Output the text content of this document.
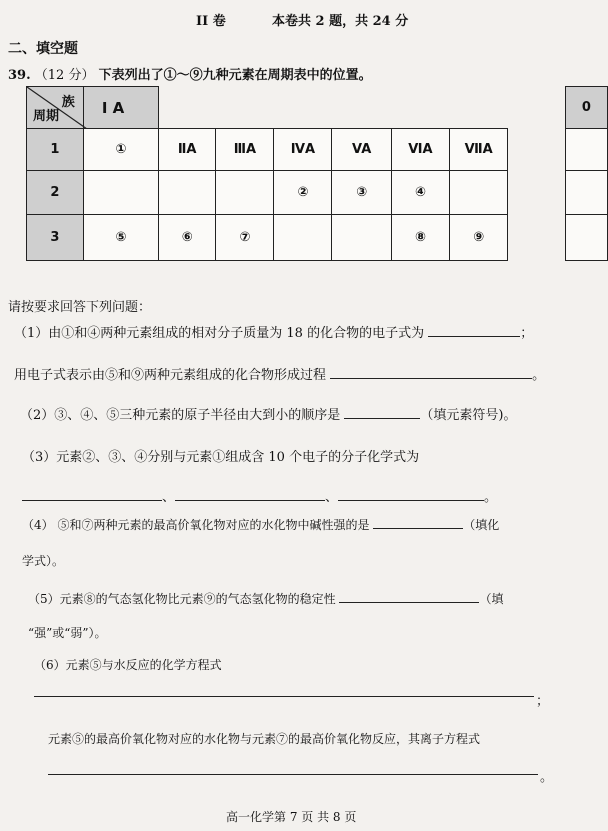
II 卷	本卷共 2 题，共 24 分
二、填空题
39. （12 分） 下表列出了①～⑨九种元素在周期表中的位置。
族
周期	I A								0
1	①	ⅡA	ⅢA	ⅣA	VA	ⅥA	ⅦA		
2				②	③	④			
3	⑤	⑥	⑦			⑧	⑨		
请按要求回答下列问题：
（1）由①和④两种元素组成的相对分子质量为 18 的化合物的电子式为	；
用电子式表示由⑤和⑨两种元素组成的化合物形成过程	。
（2）③、④、⑤三种元素的原子半径由大到小的顺序是	（填元素符号)。
（3）元素②、③、④分别与元素①组成含 10 个电子的分子化学式为
、	、	。
（4） ⑤和⑦两种元素的最高价氧化物对应的水化物中碱性强的是	（填化
学式）。
（5）元素⑧的气态氢化物比元素⑨的气态氢化物的稳定性	（填
“强”或“弱”）。
（6）元素⑤与水反应的化学方程式
；
元素⑤的最高价氧化物对应的水化物与元素⑦的最高价氧化物反应，其离子方程式
。
高一化学第 7 页 共 8 页
